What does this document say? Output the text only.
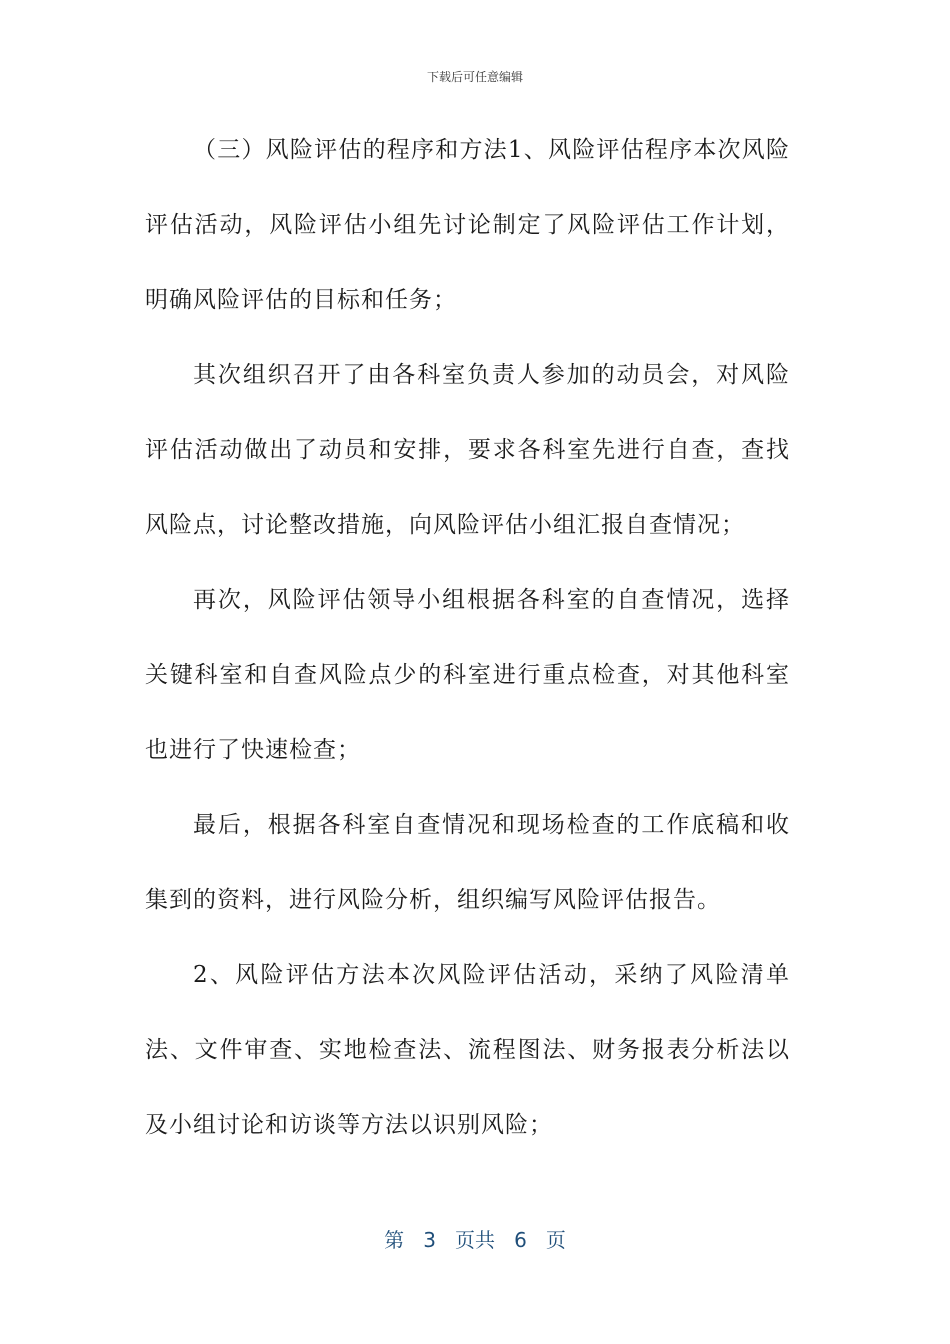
下载后可任意编辑

（三）风险评估的程序和方法1、风险评估程序本次风险评估活动，风险评估小组先讨论制定了风险评估工作计划，明确风险评估的目标和任务；

其次组织召开了由各科室负责人参加的动员会，对风险评估活动做出了动员和安排，要求各科室先进行自查，查找风险点，讨论整改措施，向风险评估小组汇报自查情况；

再次，风险评估领导小组根据各科室的自查情况，选择关键科室和自查风险点少的科室进行重点检查，对其他科室也进行了快速检查；

最后，根据各科室自查情况和现场检查的工作底稿和收集到的资料，进行风险分析，组织编写风险评估报告。

2、风险评估方法本次风险评估活动，采纳了风险清单法、文件审查、实地检查法、流程图法、财务报表分析法以及小组讨论和访谈等方法以识别风险；

第 3 页共 6 页
